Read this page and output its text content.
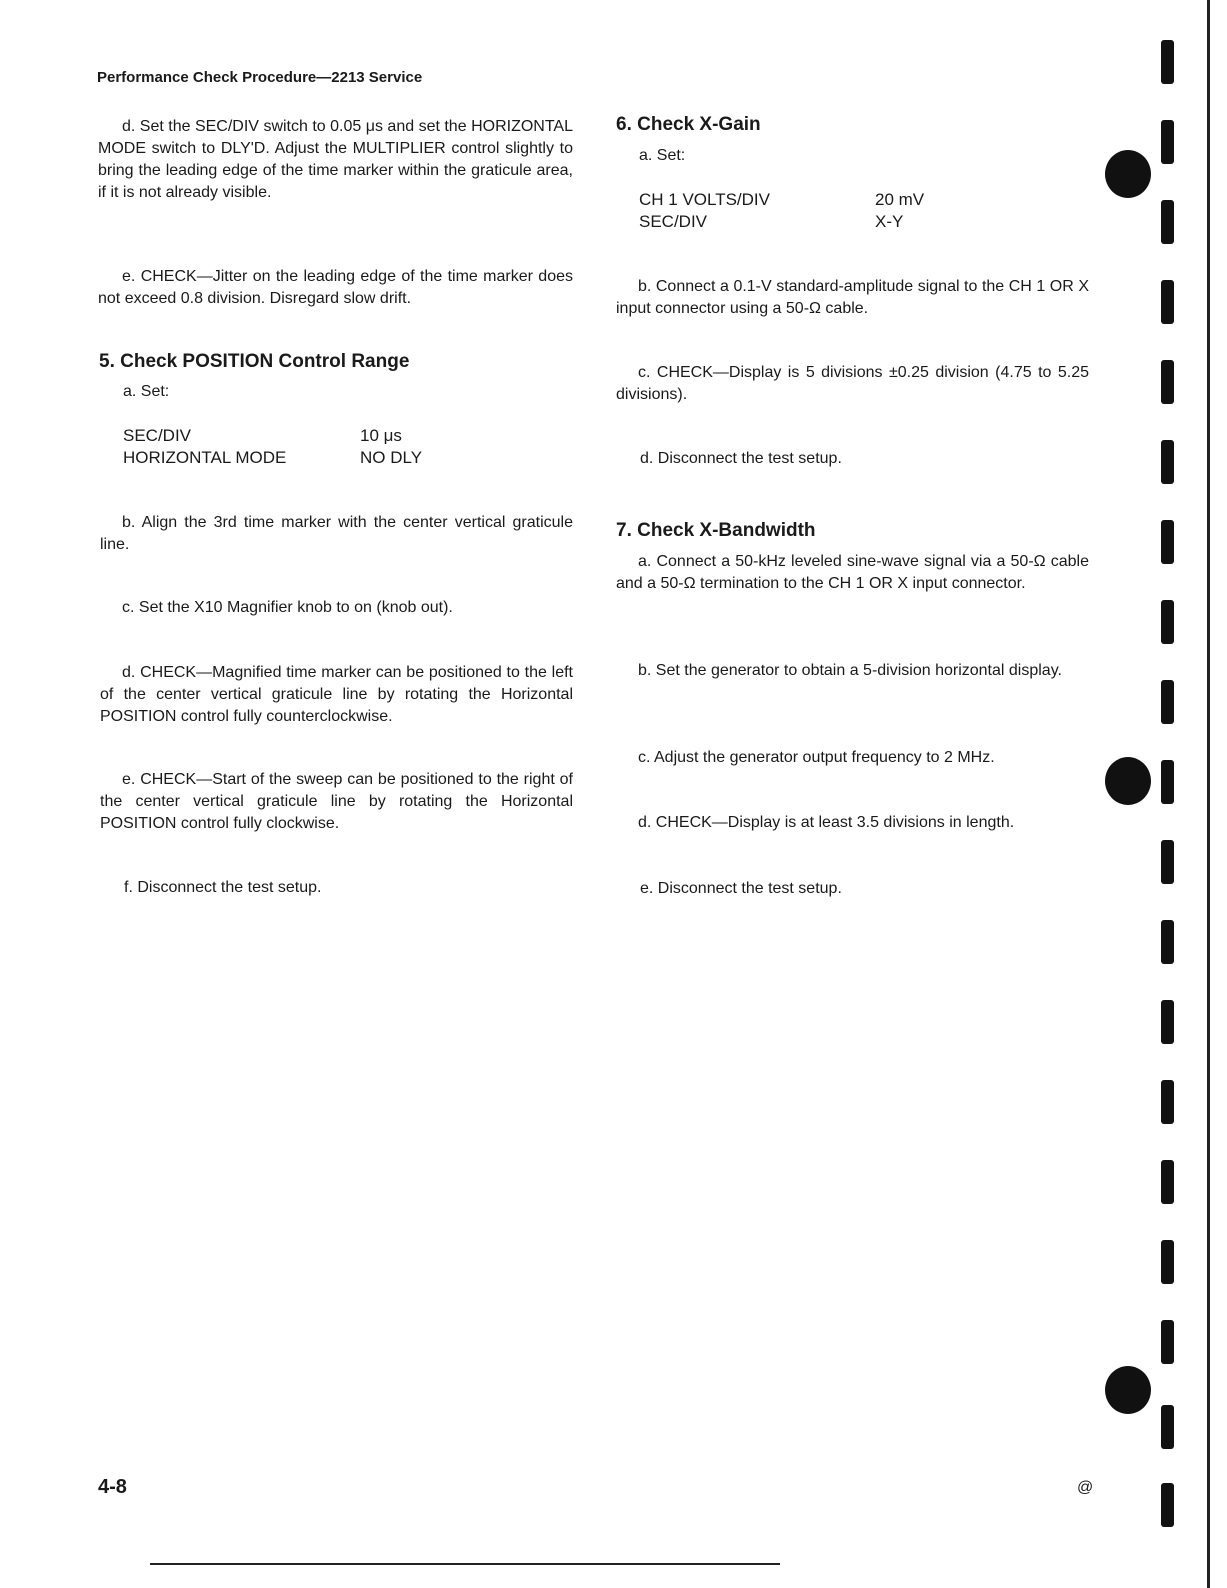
Performance Check Procedure—2213 Service

d. Set the SEC/DIV switch to 0.05 μs and set the HORIZONTAL MODE switch to DLY'D. Adjust the MULTIPLIER control slightly to bring the leading edge of the time marker within the graticule area, if it is not already visible.

e. CHECK—Jitter on the leading edge of the time marker does not exceed 0.8 division. Disregard slow drift.

5. Check POSITION Control Range
a. Set:
SEC/DIV	10 μs
HORIZONTAL MODE	NO DLY

b. Align the 3rd time marker with the center vertical graticule line.

c. Set the X10 Magnifier knob to on (knob out).

d. CHECK—Magnified time marker can be positioned to the left of the center vertical graticule line by rotating the Horizontal POSITION control fully counterclockwise.

e. CHECK—Start of the sweep can be positioned to the right of the center vertical graticule line by rotating the Horizontal POSITION control fully clockwise.

f. Disconnect the test setup.

6. Check X-Gain
a. Set:
CH 1 VOLTS/DIV	20 mV
SEC/DIV	X-Y

b. Connect a 0.1-V standard-amplitude signal to the CH 1 OR X input connector using a 50-Ω cable.

c. CHECK—Display is 5 divisions ±0.25 division (4.75 to 5.25 divisions).

d. Disconnect the test setup.

7. Check X-Bandwidth

a. Connect a 50-kHz leveled sine-wave signal via a 50-Ω cable and a 50-Ω termination to the CH 1 OR X input connector.

b. Set the generator to obtain a 5-division horizontal display.

c. Adjust the generator output frequency to 2 MHz.

d. CHECK—Display is at least 3.5 divisions in length.

e. Disconnect the test setup.

4-8	@
